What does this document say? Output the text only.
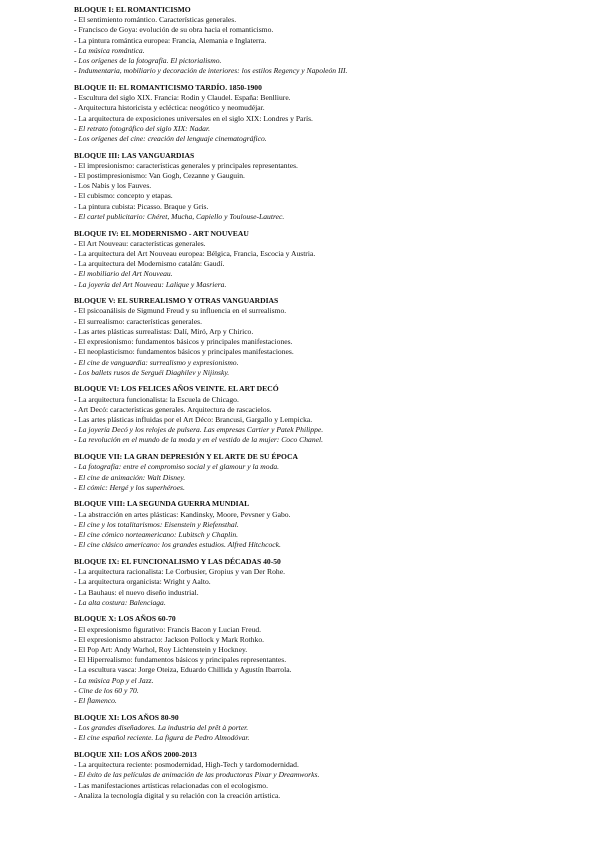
BLOQUE I: EL ROMANTICISMO
- El sentimiento romántico. Características generales.
- Francisco de Goya: evolución de su obra hacia el romanticismo.
- La pintura romántica europea: Francia, Alemania e Inglaterra.
- La música romántica.
- Los orígenes de la fotografía. El pictorialismo.
- Indumentaria, mobiliario y decoración de interiores: los estilos Regency y Napoleón III.
BLOQUE II: EL ROMANTICISMO TARDÍO. 1850-1900
- Escultura del siglo XIX. Francia: Rodin y Claudel. España: Benlliure.
- Arquitectura historicista y ecléctica: neogótico y neomudéjar.
- La arquitectura de exposiciones universales en el siglo XIX: Londres y París.
- El retrato fotográfico del siglo XIX: Nadar.
- Los orígenes del cine: creación del lenguaje cinematográfico.
BLOQUE III: LAS VANGUARDIAS
- El impresionismo: características generales y principales representantes.
- El postimpresionismo: Van Gogh, Cezanne y Gauguin.
- Los Nabis y los Fauves.
- El cubismo: concepto y etapas.
- La pintura cubista: Picasso. Braque y Gris.
- El cartel publicitario: Chéret, Mucha, Capiello y Toulouse-Lautrec.
BLOQUE IV: EL MODERNISMO - ART NOUVEAU
- El Art Nouveau: características generales.
- La arquitectura del Art Nouveau europea: Bélgica, Francia, Escocia y Austria.
- La arquitectura del Modernismo catalán: Gaudí.
- El mobiliario del Art Nouveau.
- La joyería del Art Nouveau: Lalique y Masriera.
BLOQUE V: EL SURREALISMO Y OTRAS VANGUARDIAS
- El psicoanálisis de Sigmund Freud y su influencia en el surrealismo.
- El surrealismo: características generales.
- Las artes plásticas surrealistas: Dalí, Miró, Arp y Chirico.
- El expresionismo: fundamentos básicos y principales manifestaciones.
- El neoplasticismo: fundamentos básicos y principales manifestaciones.
- El cine de vanguardia: surrealismo y expresionismo.
- Los ballets rusos de Serguéi Diaghilev y Nijinsky.
BLOQUE VI: LOS FELICES AÑOS VEINTE. EL ART DECÓ
- La arquitectura funcionalista: la Escuela de Chicago.
- Art Decó: características generales. Arquitectura de rascacielos.
- Las artes plásticas influidas por el Art Déco: Brancusi, Gargallo y Lempicka.
- La joyería Decó y los relojes de pulsera. Las empresas Cartier y Patek Philippe.
- La revolución en el mundo de la moda y en el vestido de la mujer: Coco Chanel.
BLOQUE VII: LA GRAN DEPRESIÓN Y EL ARTE DE SU ÉPOCA
- La fotografía: entre el compromiso social y el glamour y la moda.
- El cine de animación: Walt Disney.
- El cómic: Hergé y los superhéroes.
BLOQUE VIII: LA SEGUNDA GUERRA MUNDIAL
- La abstracción en artes plásticas: Kandinsky, Moore, Pevsner y Gabo.
- El cine y los totalitarismos: Eisenstein y Riefensthal.
- El cine cómico norteamericano: Lubitsch y Chaplin.
- El cine clásico americano: los grandes estudios. Alfred Hitchcock.
BLOQUE IX: EL FUNCIONALISMO Y LAS DÉCADAS 40-50
- La arquitectura racionalista: Le Corbusier, Gropius y van Der Rohe.
- La arquitectura organicista: Wright y Aalto.
- La Bauhaus: el nuevo diseño industrial.
- La alta costura: Balenciaga.
BLOQUE X: LOS AÑOS 60-70
- El expresionismo figurativo: Francis Bacon y Lucian Freud.
- El expresionismo abstracto: Jackson Pollock y Mark Rothko.
- El Pop Art: Andy Warhol, Roy Lichtenstein y Hockney.
- El Hiperrealismo: fundamentos básicos y principales representantes.
- La escultura vasca: Jorge Oteiza, Eduardo Chillida y Agustín Ibarrola.
- La música Pop y el Jazz.
- Cine de los 60 y 70.
- El flamenco.
BLOQUE XI: LOS AÑOS 80-90
- Los grandes diseñadores. La industria del prêt à porter.
- El cine español reciente. La figura de Pedro Almodóvar.
BLOQUE XII: LOS AÑOS 2000-2013
- La arquitectura reciente: posmodernidad, High-Tech y tardomodernidad.
- El éxito de las películas de animación de las productoras Pixar y Dreamworks.
- Las manifestaciones artísticas relacionadas con el ecologismo.
- Analiza la tecnología digital y su relación con la creación artística.
